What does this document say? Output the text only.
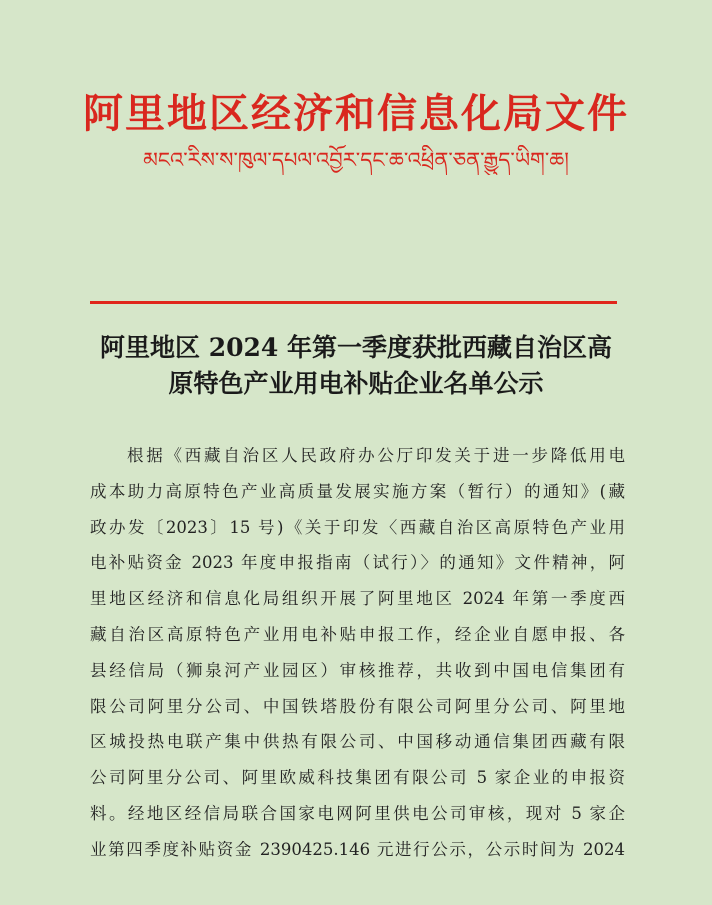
阿里地区经济和信息化局文件
མངའ་རིས་ས་ཁུལ་དཔལ་འབྱོར་དང་ཆ་འཕྲིན་ཅན་རྒྱུད་ཡིག་ཆ།
阿里地区 2024 年第一季度获批西藏自治区高
原特色产业用电补贴企业名单公示
根据《西藏自治区人民政府办公厅印发关于进一步降低用电
成本助力高原特色产业高质量发展实施方案（暂行）的通知》(藏
政办发〔2023〕15 号)《关于印发〈西藏自治区高原特色产业用
电补贴资金 2023 年度申报指南（试行）〉的通知》文件精神，阿
里地区经济和信息化局组织开展了阿里地区 2024 年第一季度西
藏自治区高原特色产业用电补贴申报工作，经企业自愿申报、各
县经信局（狮泉河产业园区）审核推荐，共收到中国电信集团有
限公司阿里分公司、中国铁塔股份有限公司阿里分公司、阿里地
区城投热电联产集中供热有限公司、中国移动通信集团西藏有限
公司阿里分公司、阿里欧威科技集团有限公司 5 家企业的申报资
料。经地区经信局联合国家电网阿里供电公司审核，现对 5 家企
业第四季度补贴资金 2390425.146 元进行公示，公示时间为 2024
